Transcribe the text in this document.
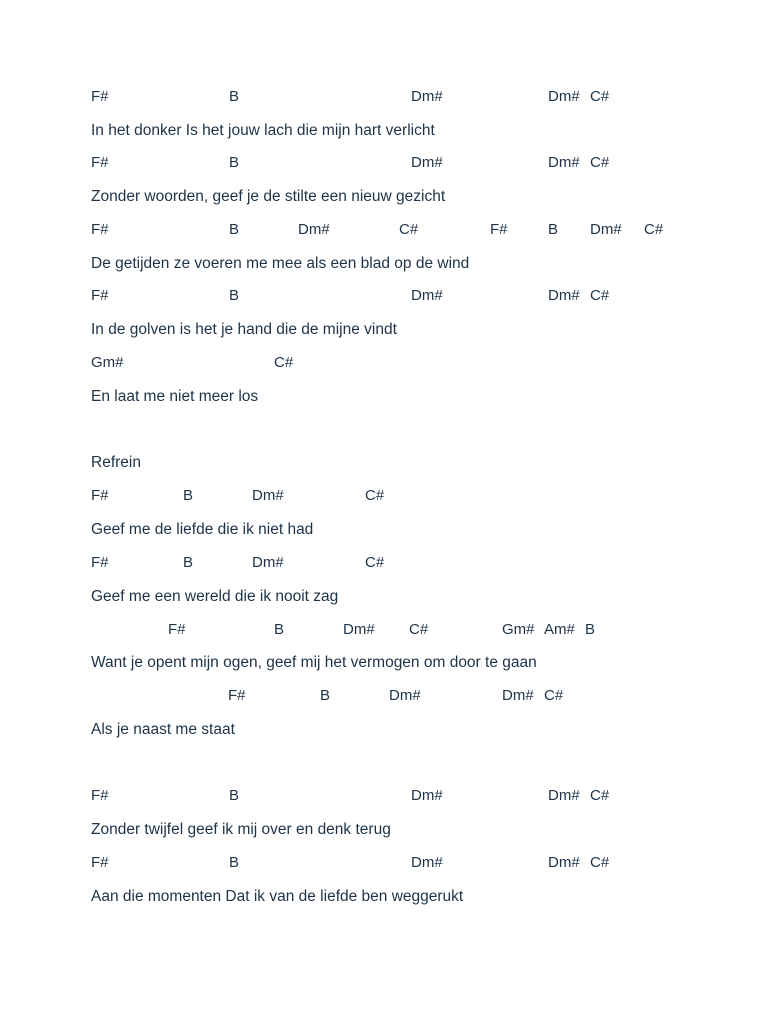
F#	B	Dm#	Dm# C#
In het donker Is het jouw lach die mijn hart verlicht
F#	B	Dm#	Dm# C#
Zonder woorden, geef je de stilte een nieuw gezicht
F#	B	Dm#	C#	F#	B Dm# C#
De getijden ze voeren me mee als een blad op de wind
F#	B	Dm#	Dm# C#
In de golven is het je hand die de mijne vindt
Gm#	C#
En laat me niet meer los
Refrein
F#	B	Dm#	C#
Geef me de liefde die ik niet had
F#	B	Dm#	C#
Geef me een wereld die ik nooit zag
F#	B	Dm# C#	Gm# Am# B
Want je opent mijn ogen, geef mij het vermogen om door te gaan
F#	B	Dm#	Dm# C#
Als je naast me staat
F#	B	Dm#	Dm# C#
Zonder twijfel geef ik mij over en denk terug
F#	B	Dm#	Dm# C#
Aan die momenten Dat ik van de liefde ben weggerukt
